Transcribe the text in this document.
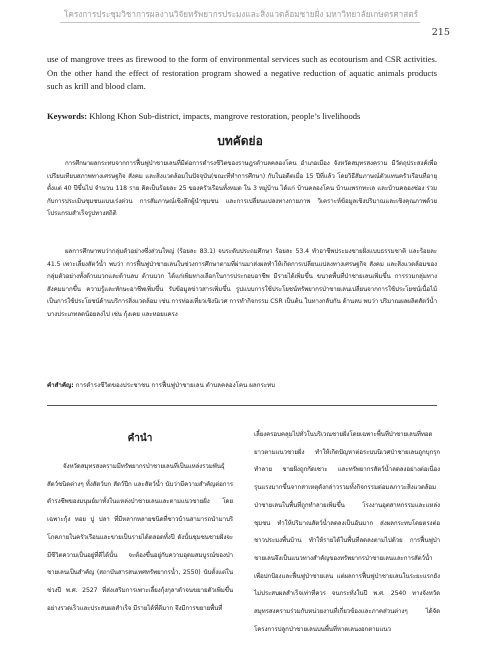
โครงการประชุมวิชาการผลงานวิจัยทรัพยากรประมงและสิ่งแวดล้อมชายฝั่ง มหาวิทยาลัยเกษตรศาสตร์
215

use of mangrove trees as firewood to the form of environmental services such as ecotourism and CSR activities. On the other hand the effect of restoration program showed a negative reduction of aquatic animals products such as krill and blood clam.

Keywords: Khlong Khon Sub-district, impacts, mangrove restoration, people’s livelihoods

บทคัดย่อ

การศึกษาผลกระทบจากการฟื้นฟูป่าชายเลนที่มีต่อการดำรงชีวิตของราษฎรตำบลคลองโคน อำเภอเมือง จังหวัดสมุทรสงคราม มีวัตถุประสงค์เพื่อเปรียบเทียบสภาพทางเศรษฐกิจ สังคม และสิ่งแวดล้อมในปัจจุบัน(ขณะที่ทำการศึกษา) กับในอดีตเมื่อ 15 ปีที่แล้ว โดยวิธีสัมภาษณ์ตัวแทนครัวเรือนที่อายุตั้งแต่ 40 ปีขึ้นไป จำนวน 118 ราย คิดเป็นร้อยละ 25 ของครัวเรือนทั้งหมด ใน 3 หมู่บ้าน ได้แก่ บ้านคลองโคน บ้านแพรกทะเล และบ้านคลองช่อง ร่วมกับการประเมินชุมชนแบบเร่งด่วน การสัมภาษณ์เชิงลึกผู้นำชุมชน และการเปลี่ยนแปลงทางกายภาพ วิเคราะห์ข้อมูลเชิงปริมาณและเชิงคุณภาพด้วยโปรแกรมสำเร็จรูปทางสถิติ

ผลการศึกษาพบว่ากลุ่มตัวอย่างซึ่งส่วนใหญ่ (ร้อยละ 83.1) จบระดับประถมศึกษา ร้อยละ 53.4 ทำอาชีพประมงชายฝั่งแบบธรรมชาติ และร้อยละ 41.5 เพาะเลี้ยงสัตว์น้ำ พบว่า การฟื้นฟูป่าชายเลนในช่วงการศึกษาตามที่ผ่านมาส่งผลทำให้เกิดการเปลี่ยนแปลงทางเศรษฐกิจ สังคม และสิ่งแวดล้อมของกลุ่มตัวอย่างทั้งด้านบวกและด้านลบ ด้านบวก ได้แก่เพิ่มทางเลือกในการประกอบอาชีพ มีรายได้เพิ่มขึ้น ขนาดพื้นที่ป่าชายเลนเพิ่มขึ้น การรวมกลุ่มทางสังคมมากขึ้น ความรู้และทักษะอาชีพเพิ่มขึ้น รับข้อมูลข่าวสารเพิ่มขึ้น รูปแบบการใช้ประโยชน์ทรัพยากรป่าชายเลนเปลี่ยนจากการใช้ประโยชน์เนื้อไม้เป็นการใช้ประโยชน์ด้านบริการสิ่งแวดล้อม เช่น การท่องเที่ยวเชิงนิเวศ การทำกิจกรรม CSR เป็นต้น ในทางกลับกัน ด้านลบ พบว่า ปริมาณผลผลิตสัตว์น้ำบางประเภทลดน้อยลงไป เช่น กุ้งเคย และหอยแครง

คำสำคัญ: การดำรงชีวิตของประชาชน การฟื้นฟูป่าชายเลน ตำบลคลองโคน ผลกระทบ

คำนำ

จังหวัดสมุทรสงครามมีทรัพยากรป่าชายเลนที่เป็นแหล่งรวมพันธุ์สัตว์ชนิดต่างๆ ทั้งสัตว์บก สัตว์ปีก และสัตว์น้ำ นับว่ามีความสำคัญต่อการดำรงชีพของมนุษย์มาทั้งในแหล่งป่าชายเลนและตามแนวชายฝั่ง โดยเฉพาะกุ้ง หอย ปู ปลา ที่มีหลากหลายชนิดที่ชาวบ้านสามารถนำมาบริโภคภายในครัวเรือนและขายเป็นรายได้ตลอดทั้งปี ดังนั้นชุมชนชายฝั่งจะมีชีวิตความเป็นอยู่ที่ดีได้นั้น จะต้องขึ้นอยู่กับความอุดมสมบูรณ์ของป่าชายเลนเป็นสำคัญ (สถาบันสารสนเทศทรัพยากรน้ำ, 2550) นับตั้งแต่ในช่วงปี พ.ศ. 2527 ที่ส่งเสริมการเพาะเลี้ยงกุ้งกุลาดำจนขยายตัวเพิ่มขึ้นอย่างรวดเร็วและประสบผลสำเร็จ มีรายได้ที่ดีมาก จึงมีการขยายพื้นที่

เลี้ยงครอบคลุมไปทั่วในบริเวณชายฝั่งโดยเฉพาะพื้นที่ป่าชายเลนที่ทอดยาวตามแนวชายฝั่ง ทำให้เกิดปัญหาต่อระบบนิเวศป่าชายเลนถูกบุกรุกทำลาย ชายฝั่งถูกกัดเซาะ และทรัพยากรสัตว์น้ำลดลงอย่างต่อเนื่อง รุนแรงมากขึ้นจากสาเหตุดังกล่าวรวมทั้งกิจกรรมต่อมลภาวะสิ่งแวดล้อม ป่าชายเลนในพื้นที่ถูกทำลายเพิ่มขึ้น โรงงานอุตสาหกรรมและแหล่งชุมชน ทำให้ปริมาณสัตว์น้ำลดลงเป็นอันมาก ส่งผลกระทบโดยตรงต่อชาวประมงพื้นบ้าน ทำให้รายได้ในพื้นที่ลดลงตามไปด้วย การฟื้นฟูป่าชายเลนจึงเป็นแนวทางสำคัญของทรัพยากรป่าชายเลนและการสัตว์น้ำเพื่อปกป้องและฟื้นฟูป่าชายเลน แต่ผลการฟื้นฟูป่าชายเลนในระยะแรกยังไม่ประสบผลสำเร็จเท่าที่ควร จนกระทั่งในปี พ.ศ. 2540 ทางจังหวัดสมุทรสงครามร่วมกับหน่วยงานที่เกี่ยวข้องและภาคส่วนต่างๆ ได้จัดโครงการปลูกป่าชายเลนบนพื้นที่หาดเลนงอกตามแนว
